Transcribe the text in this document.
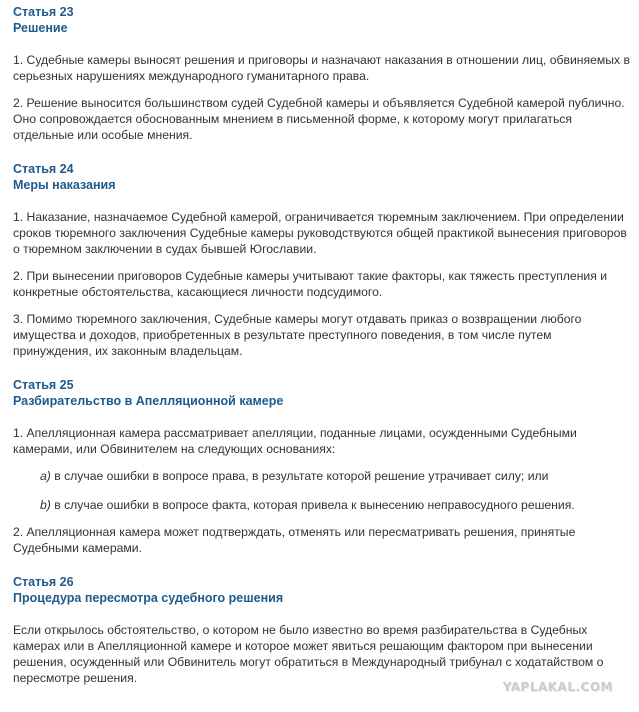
Статья 23

Решение

1. Судебные камеры выносят решения и приговоры и назначают наказания в отношении лиц, обвиняемых в серьезных нарушениях международного гуманитарного права.

2. Решение выносится большинством судей Судебной камеры и объявляется Судебной камерой публично. Оно сопровождается обоснованным мнением в письменной форме, к которому могут прилагаться отдельные или особые мнения.

Статья 24

Меры наказания

1. Наказание, назначаемое Судебной камерой, ограничивается тюремным заключением. При определении сроков тюремного заключения Судебные камеры руководствуются общей практикой вынесения приговоров о тюремном заключении в судах бывшей Югославии.

2. При вынесении приговоров Судебные камеры учитывают такие факторы, как тяжесть преступления и конкретные обстоятельства, касающиеся личности подсудимого.

3. Помимо тюремного заключения, Судебные камеры могут отдавать приказ о возвращении любого имущества и доходов, приобретенных в результате преступного поведения, в том числе путем принуждения, их законным владельцам.

Статья 25

Разбирательство в Апелляционной камере

1. Апелляционная камера рассматривает апелляции, поданные лицами, осужденными Судебными камерами, или Обвинителем на следующих основаниях:

a) в случае ошибки в вопросе права, в результате которой решение утрачивает силу; или

b) в случае ошибки в вопросе факта, которая привела к вынесению неправосудного решения.

2. Апелляционная камера может подтверждать, отменять или пересматривать решения, принятые Судебными камерами.

Статья 26

Процедура пересмотра судебного решения

Если открылось обстоятельство, о котором не было известно во время разбирательства в Судебных камерах или в Апелляционной камере и которое может явиться решающим фактором при вынесении решения, осужденный или Обвинитель могут обратиться в Международный трибунал с ходатайством о пересмотре решения.

YAPLAKAL.COM
